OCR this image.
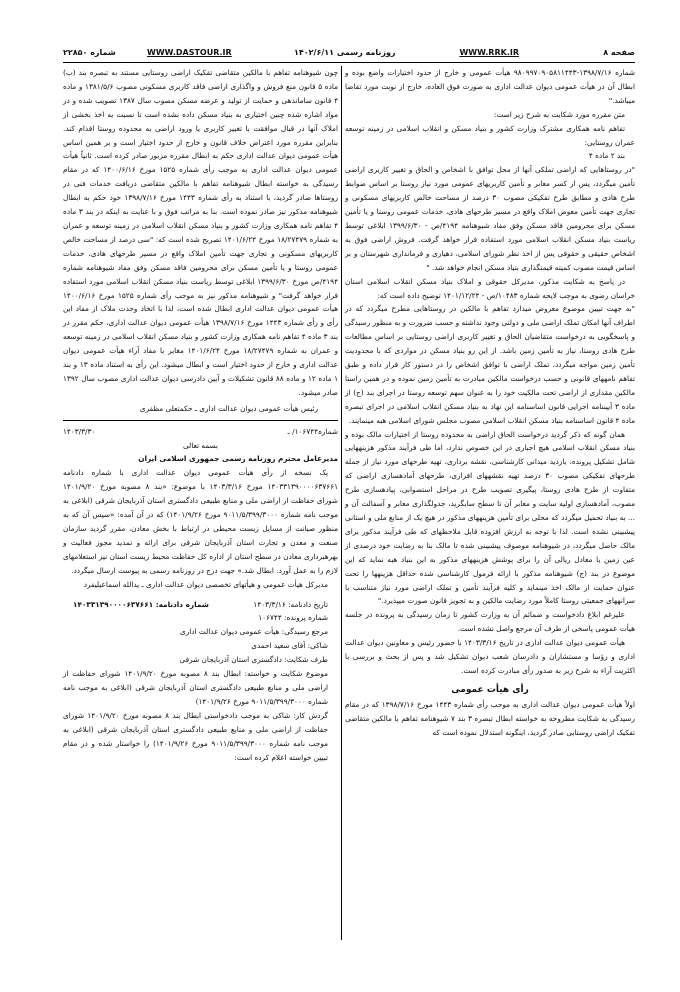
صفحه ۸
WWW.RRK.IR
روزنامه رسمی ۱۴۰۲/۶/۱۱
WWW.DASTOUR.IR
شماره ۲۲۸۵۰

شماره ۱۳۹۸/۷/۱۶-۹۸۰۹۹۷۰۹۰۵۸۱۱۴۴۳ هیأت عمومی و خارج از حدود اختیارات واضع بوده و ابطال آن در هیأت عمومی دیوان عدالت اداری به صورت فوق العاده، خارج از نوبت مورد تقاضا میباشد."

متن مقرره مورد شکایت به شرح زیر است:

تفاهم نامه همکاری مشترک وزارت کشور و بنیاد مسکن و انقلاب اسلامی در زمینه توسعه عمران روستایی:

بند ۲ ماده ۴

"در روستاهایی که اراضی تملکی آنها از محل توافق با اشخاص و الحاق و تغییر کاربری اراضی تأمین میگردد، پس از کسر معابر و تأمین کاربریهای عمومی مورد نیاز روستا بر اساس ضوابط طرح هادی و مطابق طرح تفکیکی مصوب ۳۰ درصد از مساحت خالص کاربریهای مسکونی و تجاری جهت تأمین معوض املاک واقع در مسیر طرحهای هادی، خدمات عمومی روستا و یا تأمین مسکن برای محرومین فاقد مسکن وفق مفاد شیوهنامه ۴۱۹۴/ص - ۱۳۹۹/۶/۳۰ ابلاغی توسط ریاست بنیاد مسکن انقلاب اسلامی مورد استفاده قرار خواهد گرفت. فروش اراضی فوق به اشخاص حقیقی و حقوقی پس از اخذ نظر شورای اسلامی، دهیاری و فرمانداری شهرستان و بر اساس قیمت مصوب کمیته قیمتگذاری بنیاد مسکن انجام خواهد شد. "

در پاسخ به شکایت مذکور، مدیرکل حقوقی و املاک بنیاد مسکن انقلاب اسلامی استان خراسان رضوی به موجب لایحه شماره ۱۰۴۸۳/ص - ۱۴۰۱/۱۲/۲۴ توضیح داده است که:

"به جهت تبیین موضوع معروض میدارد تفاهم با مالکین در روستاهایی مطرح میگردد که در اطراف آنها امکان تملک اراضی ملی و دولتی وجود نداشته و حسب ضرورت و به منظور رسیدگی و پاسخگویی به درخواست متقاضیان الحاق و تغییر کاربری اراضی روستایی بر اساس مطالعات طرح هادی روستا، نیاز به تأمین زمین باشد. از این رو بنیاد مسکن در مواردی که با محدودیت تأمین زمین مواجه میگردد، تملک اراضی با توافق اشخاص را در دستور کار قرار داده و طبق تفاهم نامههای قانونی و حسب درخواست مالکین مبادرت به تأمین زمین نموده و در همین راستا مالکین مقداری از اراضی تحت مالکیت خود را به عنوان سهم توسعه روستا در اجرای بند (ج) از ماده ۳ آییننامه اجرایی قانون اساسنامه این نهاد به بنیاد مسکن انقلاب اسلامی در اجرای تبصره ماده ۴ قانون اساسنامه بنیاد مسکن انقلاب اسلامی مصوب مجلس شورای اسلامی هبه مینمایند.

همان گونه که ذکر گردید درخواست الحاق اراضی به محدوده روستا از اختیارات مالک بوده و بنیاد مسکن انقلاب اسلامی هیچ اجباری در این خصوص ندارد، اما طی فرآیند مذکور هزینههایی شامل تشکیل پرونده، بازدید میدانی کارشناسی، نقشه برداری، تهیه طرحهای مورد نیاز از جمله طرحهای تفکیکی مصوب ۳۰ درصد تهیه نقشههای افرازی، طرحهای آمادهسازی اراضی که متفاوت از طرح هادی روستا، پیگیری تصویب طرح در مراحل استصوابی، پیادهسازی طرح مصوب، آمادهسازی اولیه سایت و معابر آن تا سطح سابگرید، جدولگذاری معابر و آسفالت آن و ... به بنیاد تحمیل میگردد که محلی برای تأمین هزینههای مذکور در هیچ یک از منابع ملی و استانی پیشبینی نشده است. لذا با توجه به ارزش افزوده قابل ملاحظهای که طی فرآیند مذکور برای مالک حاصل میگردد، در شیوهنامه موصوف پیشبینی شده تا مالک بنا به رضایت خود درصدی از عین زمین یا معادل ریالی آن را برای پوشش هزینههای مذکور به این بنیاد هبه نماید که این موضوع در بند (ج) شیوهنامه مذکور با ارائه فرمول کارشناسی شده حداقل هزینهها را تحت عنوان حمایت از مالک اخذ مینماید و کلیه فرآیند تأمین و تملک اراضی مورد نیاز متناسب با سرانههای جمعیتی روستا کاملاً مورد رضایت مالکین و به تجویز قانون صورت میپذیرد."

علیرغم ابلاغ دادخواست و ضمائم آن به وزارت کشور تا زمان رسیدگی به پرونده در جلسه هیأت عمومی پاسخی از طرف آن مرجع واصل نشده است.

هیأت عمومی دیوان عدالت اداری در تاریخ ۱۴۰۳/۳/۱۶ با حضور رئیس و معاونین دیوان عدالت اداری و رؤسا و مستشاران و دادرسان شعب دیوان تشکیل شد و پس از بحث و بررسی با اکثریت آراء به شرح زیر به صدور رأی مبادرت کرده است.

رأی هیأت عمومی

اولاً هیأت عمومی دیوان عدالت اداری به موجب رأی شماره ۱۴۴۳ مورخ ۱۳۹۸/۷/۱۶ که در مقام رسیدگی به شکایت مطروحه به خواسته ابطال تبصره ۳ بند ۷ شیوهنامه تفاهم با مالکین متقاضی تفکیک اراضی روستایی صادر گردید، اینگونه استدلال نموده است که

چون شیوهنامه تفاهم با مالکین متقاضی تفکیک اراضی روستایی مستند به تبصره بند (ب) ماده ۵ قانون منع فروش و واگذاری اراضی فاقد کاربری مسکونی مصوب ۱۳۸۱/۵/۶ و ماده ۴ قانون ساماندهی و حمایت از تولید و عرضه مسکن مصوب سال ۱۳۸۷ تصویب شده و در مواد اشاره شده چنین اختیاری به بنیاد مسکن داده نشده است تا نسبت به اخذ بخشی از املاک آنها در قبال موافقت با تغییر کاربری یا ورود اراضی به محدوده روستا اقدام کند. بنابراین مقرره مورد اعتراض خلاف قانون و خارج از حدود اختیار است و بر همین اساس هیأت عمومی دیوان عدالت اداری حکم به ابطال مقرره مزبور صادر کرده است. ثانیاً هیأت عمومی دیوان عدالت اداری به موجب رأی شماره ۱۵۲۵ مورخ ۱۴۰۰/۶/۱۶ که در مقام رسیدگی به خواسته ابطال شیوهنامه تفاهم با مالکین متقاضی دریافت خدمات فنی در روستاها صادر گردید، با استناد به رأی شماره ۱۴۴۳ مورخ ۱۳۹۸/۷/۱۶ خود حکم به ابطال شیوهنامه مذکور نیز صادر نموده است. بنا به مراتب فوق و با عنایت به اینکه در بند ۳ ماده ۴ تفاهم نامه همکاری وزارت کشور و بنیاد مسکن انقلاب اسلامی در زمینه توسعه و عمران به شماره ۱۸/۲۷۴۷۹ مورخ ۱۴۰۱/۶/۲۴ تصریح شده است که: "سی درصد از مساحت خالص کاربریهای مسکونی و تجاری جهت تأمین املاک واقع در مسیر طرحهای هادی، خدمات عمومی روستا و یا تأمین مسکن برای محرومین فاقد مسکن وفق مفاد شیوهنامه شماره ۴۱۹۴/ص مورخ ۱۳۹۹/۶/۳۰ ابلاغی توسط ریاست بنیاد مسکن انقلاب اسلامی مورد استفاده قرار خواهد گرفت" و شیوهنامه مذکور نیز به موجب رأی شماره ۱۵۲۵ مورخ ۱۴۰۰/۶/۱۶ هیأت عمومی دیوان عدالت اداری ابطال شده است، لذا با اتخاذ وحدت ملاک از مفاد این رأی و رأی شماره ۱۴۴۳ مورخ ۱۳۹۸/۷/۱۶ هیأت عمومی دیوان عدالت اداری، حکم مقرر در بند ۳ ماده ۴ تفاهم نامه همکاری وزارت کشور و بنیاد مسکن انقلاب اسلامی در زمینه توسعه و عمران به شماره ۱۸/۲۷۴۷۹ مورخ ۱۴۰۱/۶/۲۴ مغایر با مفاد آراء هیأت عمومی دیوان عدالت اداری و خارج از حدود اختیار است و ابطال میشود. این رأی به استناد ماده ۱۳ و بند ۱ ماده ۱۲ و ماده ۸۸ قانون تشکیلات و آیین دادرسی دیوان عدالت اداری مصوب سال ۱۳۹۲ صادر میشود.

رئیس هیأت عمومی دیوان عدالت اداری ـ حکمتعلی مظفری

شماره۱۰۶۷۴۴/ ـ
۱۴۰۳/۳/۳۰

بسمه تعالی

مدیرعامل محترم روزنامه رسمی جمهوری اسلامی ایران

یک نسخه از رأی هیأت عمومی دیوان عدالت اداری با شماره دادنامه ۱۴۰۳۳۱۳۹۰۰۰۰۶۳۷۶۶۱ مورخ ۱۴۰۳/۳/۱۶ با موضوع: «بند ۸ مصوبه مورخ ۱۴۰۱/۹/۲۰ شورای حفاظت از اراضی ملی و منابع طبیعی دادگستری استان آذربایجان شرقی (ابلاغی به موجب نامه شماره ۹۰۱۱/۵/۳۹۹/۳۰۰۰ مورخ ۱۴۰۱/۹/۲۶) که در آن آمده: «سپس آن که به منظور صیانت از مسایل زیست محیطی در ارتباط با بخش معادن، مقرر گردید سازمان صنعت و معدن و تجارت استان آذربایجان شرقی برای ارائه و تمدید مجوز فعالیت و بهرهبرداری معادن در سطح استان از اداره کل حفاظت محیط زیست استان نیز استعلامهای لازم را به عمل آورد. ابطال شد.» جهت درج در روزنامه رسمی به پیوست ارسال میگردد.

مدیرکل هیأت عمومی و هیأتهای تخصصی دیوان عدالت اداری ـ یدالله اسماعیلیفرد

تاریخ دادنامه: ۱۴۰۳/۳/۱۶
شماره دادنامه: ۱۴۰۳۳۱۳۹۰۰۰۰۶۳۷۶۶۱

شماره پرونده: ۱۰۶۷۴۴

مرجع رسیدگی: هیأت عمومی دیوان عدالت اداری

شاکی: آقای سعید احمدی

طرف شکایت: دادگستری استان آذربایجان شرقی

موضوع شکایت و خواسته: ابطال بند ۸ مصوبه مورخ ۱۴۰۱/۹/۲۰ شورای حفاظت از اراضی ملی و منابع طبیعی دادگستری استان آذربایجان شرقی (ابلاغی به موجب نامه شماره ۹۰۱۱/۵/۳۹۹/۳۰۰۰ مورخ ۱۴۰۱/۹/۲۶)

گردش کار: شاکی به موجب دادخواستی ابطال بند ۸ مصوبه مورخ ۱۴۰۱/۹/۲۰ شورای حفاظت از اراضی ملی و منابع طبیعی دادگستری استان آذربایجان شرقی (ابلاغی به موجب نامه شماره ۹۰۱۱/۵/۳۹۹/۳۰۰۰ مورخ ۱۴۰۱/۹/۲۶) را خواستار شده و در مقام تبیین خواسته اعلام کرده است:
